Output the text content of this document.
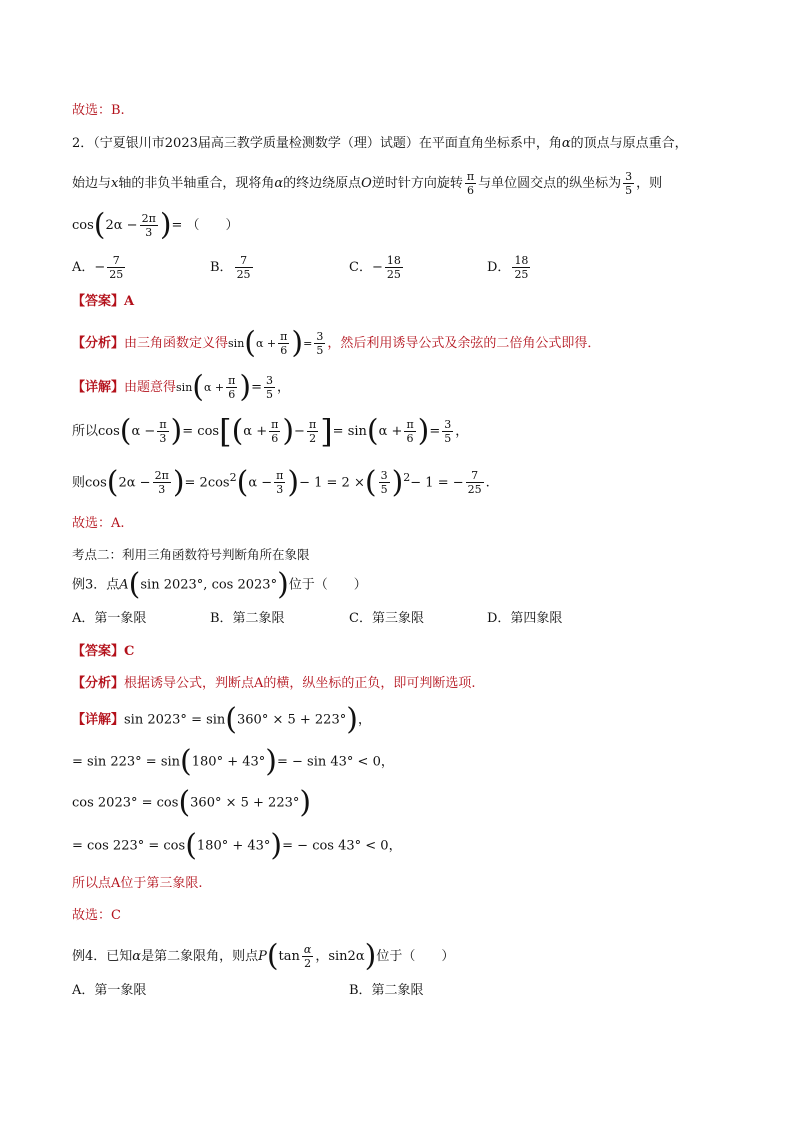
故选：B.
2．（宁夏银川市2023届高三教学质量检测数学（理）试题）在平面直角坐标系中，角α的顶点与原点重合，
始边与x轴的非负半轴重合，现将角α的终边绕原点O逆时针方向旋转 $\frac{\pi}{6}$ 与单位圆交点的纵坐标为 $\frac{3}{5}$ ，则
$\cos(2\alpha - \frac{2\pi}{3}$ )= （　　）
A．− $\frac{7}{25}$	B． $\frac{7}{25}$	C．− $\frac{18}{25}$	D． $\frac{18}{25}$
【答案】A
【分析】由三角函数定义得$\sin(\alpha + \frac{\pi}{6}$ )= $\frac{3}{5}$ ，然后利用诱导公式及余弦的二倍角公式即得．
【详解】由题意得$\sin(\alpha + \frac{\pi}{6}$ )= $\frac{3}{5}$ ，
所以$\cos(\alpha - \frac{\pi}{3}$ )= $\cos[(\alpha + \frac{\pi}{6}$ )− $\frac{\pi}{2}$ ]= $\sin(\alpha + \frac{\pi}{6}$ )= $\frac{3}{5}$ ，
则$\cos(2\alpha - \frac{2\pi}{3}$ )= $2\cos^2(\alpha - \frac{\pi}{3}$ )− 1 = 2 ×( $\frac{3}{5} )^2- 1$ = − $\frac{7}{25}$ .
故选：A.
考点二：利用三角函数符号判断角所在象限
例3．点A(sin 2023°, cos 2023°)位于（　　）
A．第一象限	B．第二象限	C．第三象限	D．第四象限
【答案】C
【分析】根据诱导公式，判断点A的横，纵坐标的正负，即可判断选项.
【详解】sin 2023° = sin(360° × 5 + 223°)，
= sin 223° = sin(180° + 43°)= − sin 43° < 0，
cos 2023° = cos(360° × 5 + 223°)
= cos 223° = cos(180° + 43°)= − cos 43° < 0，
所以点A位于第三象限.
故选：C
例4．已知α是第二象限角，则点$P(\tan \frac{\alpha}{2}$ ，sin2α)位于（　　）
A．第一象限	B．第二象限
